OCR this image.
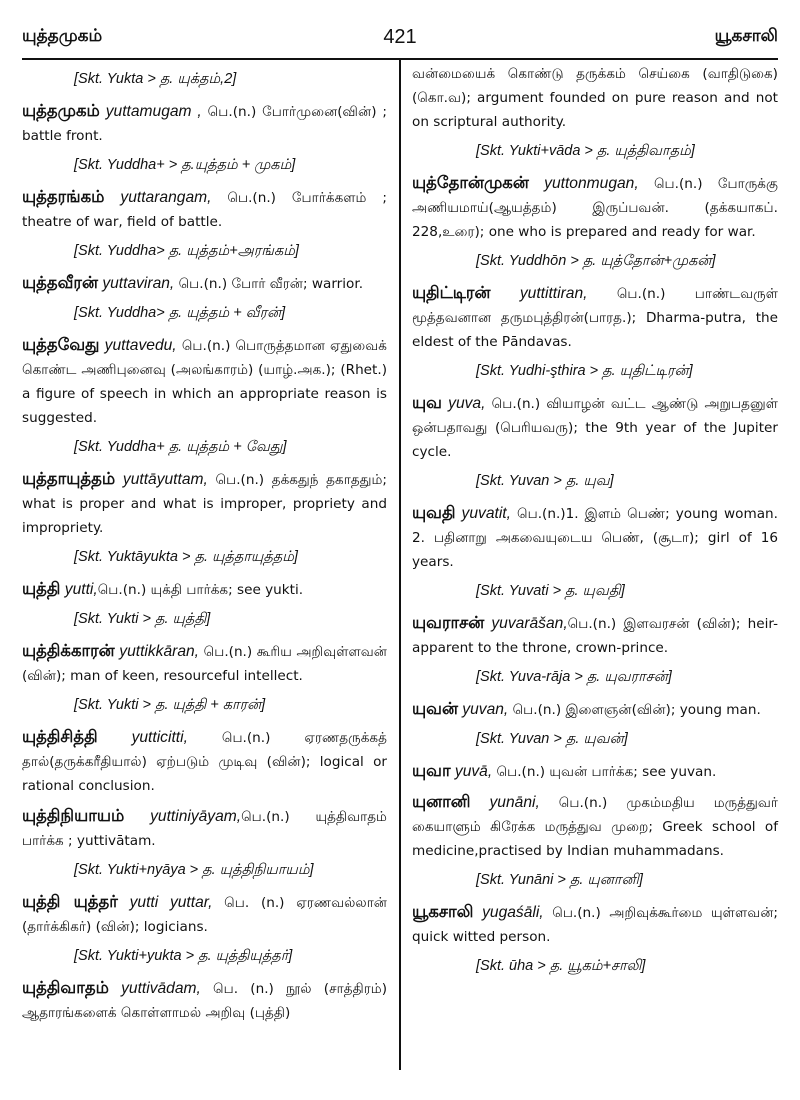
யுத்தமுகம்	421	யூகசாலி
[Skt. Yukta > த. யுக்தம்,2]
யுத்தமுகம் yuttamugam , பெ.(n.) போர்முனை(வின்) ; battle front.
[Skt. Yuddha+ > த.யுத்தம் + முகம்]
யுத்தரங்கம் yuttarangam, பெ.(n.) போர்க்களம் ; theatre of war, field of battle.
[Skt. Yuddha> த. யுத்தம்+அரங்கம்]
யுத்தவீரன் yuttaviran, பெ.(n.) போர் வீரன்; warrior.
[Skt. Yuddha> த. யுத்தம் + வீரன்]
யுத்தவேது yuttavedu, பெ.(n.) பொருத்தமான ஏதுவைக் கொண்ட அணிபுனைவு (அலங்காரம்) (யாழ்.அக.); (Rhet.) a figure of speech in which an appropriate reason is suggested.
[Skt. Yuddha+ த. யுத்தம் + வேது]
யுத்தாயுத்தம் yuttāyuttam, பெ.(n.) தக்கதுந் தகாததும்; what is proper and what is improper, propriety and impropriety.
[Skt. Yuktāyukta > த. யுத்தாயுத்தம்]
யுத்தி yutti,பெ.(n.) யுக்தி பார்க்க; see yukti.
[Skt. Yukti > த. யுத்தி]
யுத்திக்காரன் yuttikkāran, பெ.(n.) கூரிய அறிவுள்ளவன் (வின்); man of keen, resourceful intellect.
[Skt. Yukti > த. யுத்தி + காரன்]
யுத்திசித்தி yutticitti, பெ.(n.) ஏரணதருக்கத் தால்(தருக்கரீதியால்) ஏற்படும் முடிவு (வின்); logical or rational conclusion.
யுத்திநியாயம் yuttiniyāyam,பெ.(n.) யுத்திவாதம் பார்க்க ; yuttivātam.
[Skt. Yukti+nyāya > த. யுத்திநியாயம்]
யுத்தி யுத்தர் yutti yuttar, பெ. (n.) ஏரணவல்லான் (தார்க்கிகர்) (வின்); logicians.
[Skt. Yukti+yukta > த. யுத்தியுத்தர்]
யுத்திவாதம் yuttivādam, பெ. (n.) நூல் (சாத்திரம்) ஆதாரங்களைக் கொள்ளாமல் அறிவு (புத்தி)
வன்மையைக் கொண்டு தருக்கம் செய்கை (வாதிடுகை) (கொ.வ); argument founded on pure reason and not on scriptural authority.
[Skt. Yukti+vāda > த. யுத்திவாதம்]
யுத்தோன்முகன் yuttonmugan, பெ.(n.) போருக்கு அணியமாய்(ஆயத்தம்) இருப்பவன். (தக்கயாகப். 228,உரை); one who is prepared and ready for war.
[Skt. Yuddhōn > த. யுத்தோன்+முகன்]
யுதிட்டிரன் yuttittiran, பெ.(n.) பாண்டவருள் மூத்தவனான தருமபுத்திரன்(பாரத.); Dharma-putra, the eldest of the Pāndavas.
[Skt. Yudhi-şthira > த. யுதிட்டிரன்]
யுவ yuva, பெ.(n.) வியாழன் வட்ட ஆண்டு அறுபதனுள் ஒன்பதாவது (பெரியவரு); the 9th year of the Jupiter cycle.
[Skt. Yuvan > த. யுவ]
யுவதி yuvatit, பெ.(n.)1. இளம் பெண்; young woman. 2. பதினாறு அகவையுடைய பெண், (சூடா); girl of 16 years.
[Skt. Yuvati > த. யுவதி]
யுவராசன் yuvarāšan,பெ.(n.) இளவரசன் (வின்); heir-apparent to the throne, crown-prince.
[Skt. Yuva-rāja > த. யுவராசன்]
யுவன் yuvan, பெ.(n.) இளைஞன்(வின்); young man.
[Skt. Yuvan > த. யுவன்]
யுவா yuvā, பெ.(n.) யுவன் பார்க்க; see yuvan.
யுனானி yunāni, பெ.(n.) முகம்மதிய மருத்துவர் கையாளும் கிரேக்க மருத்துவ முறை; Greek school of medicine,practised by Indian muhammadans.
[Skt. Yunāni > த. யுனானி]
யூகசாலி yugaśāli, பெ.(n.) அறிவுக்கூர்மை யுள்ளவன்; quick witted person.
[Skt. ūha > த. யூகம்+சாலி]
